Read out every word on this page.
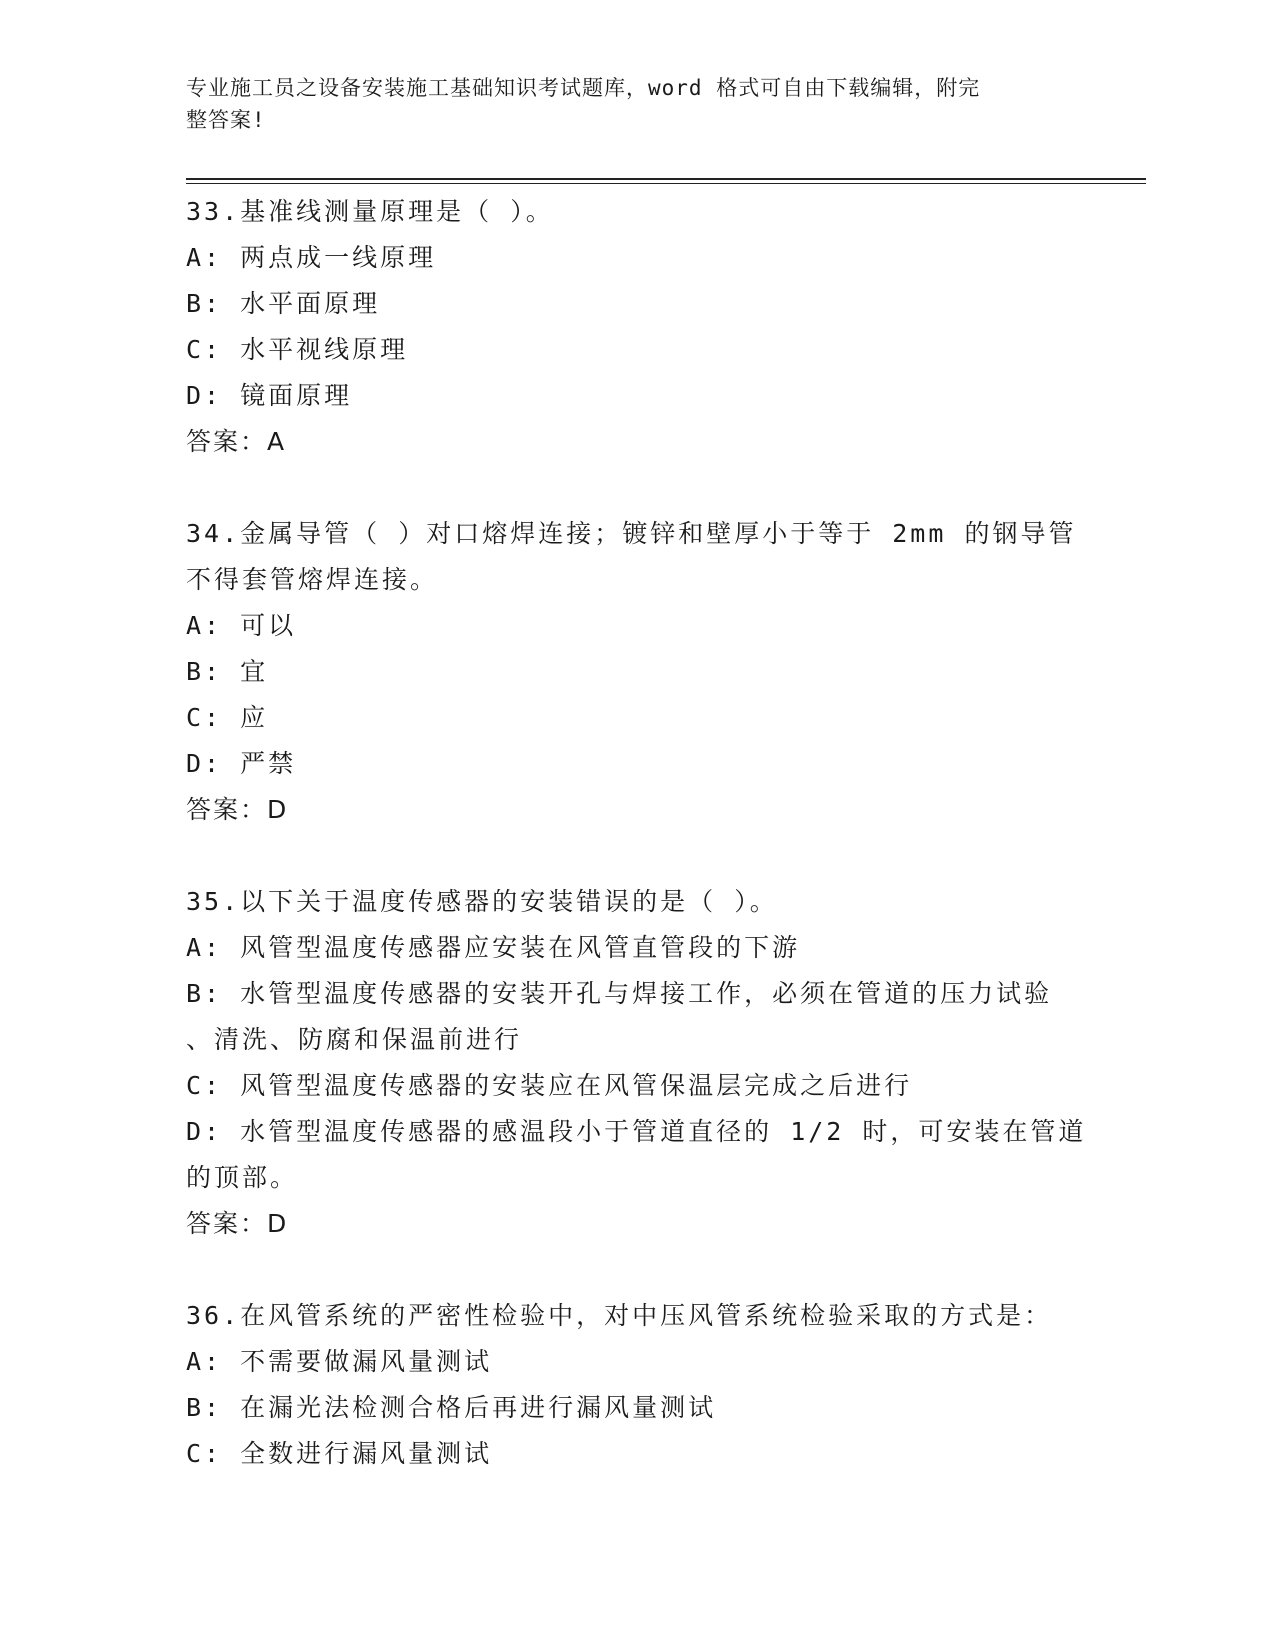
专业施工员之设备安装施工基础知识考试题库，word 格式可自由下载编辑，附完
整答案!
33.基准线测量原理是（ ）。
A: 两点成一线原理
B: 水平面原理
C: 水平视线原理
D: 镜面原理
答案：A
34.金属导管（ ）对口熔焊连接；镀锌和壁厚小于等于 2mm 的钢导管
不得套管熔焊连接。
A: 可以
B: 宜
C: 应
D: 严禁
答案：D
35.以下关于温度传感器的安装错误的是（ ）。
A: 风管型温度传感器应安装在风管直管段的下游
B: 水管型温度传感器的安装开孔与焊接工作，必须在管道的压力试验
、清洗、防腐和保温前进行
C: 风管型温度传感器的安装应在风管保温层完成之后进行
D: 水管型温度传感器的感温段小于管道直径的 1/2 时，可安装在管道
的顶部。
答案：D
36.在风管系统的严密性检验中，对中压风管系统检验采取的方式是：
A: 不需要做漏风量测试
B: 在漏光法检测合格后再进行漏风量测试
C: 全数进行漏风量测试
